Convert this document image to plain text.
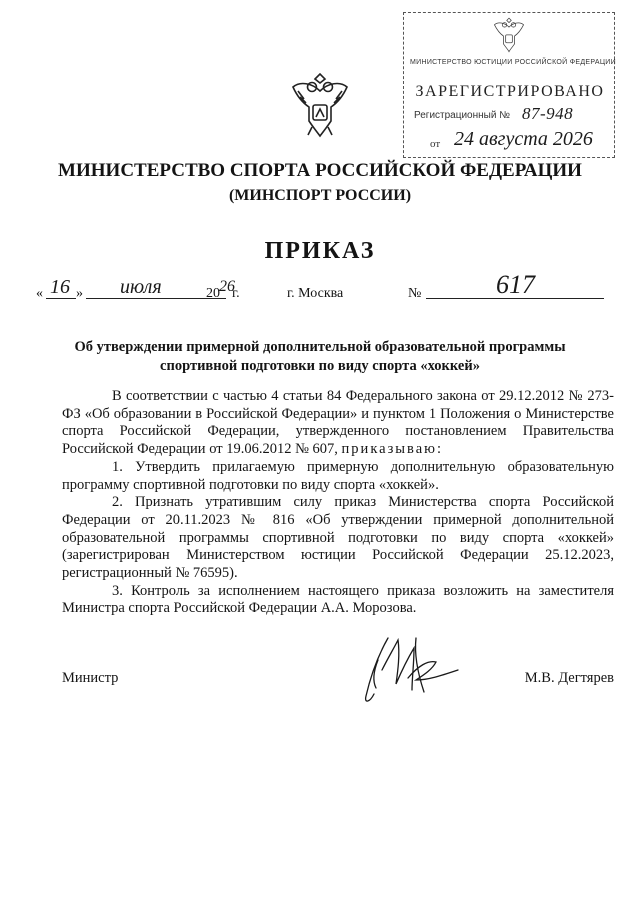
МИНИСТЕРСТВО ЮСТИЦИИ РОССИЙСКОЙ ФЕДЕРАЦИИ
ЗАРЕГИСТРИРОВАНО
Регистрационный № 87-948
от 24 августа 2026
МИНИСТЕРСТВО СПОРТА РОССИЙСКОЙ ФЕДЕРАЦИИ
(МИНСПОРТ РОССИИ)
ПРИКАЗ
« 16 » июля	20 26
г.	г. Москва	№	617
Об утверждении примерной дополнительной образовательной программы спортивной подготовки по виду спорта «хоккей»

В соответствии с частью 4 статьи 84 Федерального закона от 29.12.2012 № 273-ФЗ «Об образовании в Российской Федерации» и пунктом 1 Положения о Министерстве спорта Российской Федерации, утвержденного постановлением Правительства Российской Федерации от 19.06.2012 № 607, приказываю:

1. Утвердить прилагаемую примерную дополнительную образовательную программу спортивной подготовки по виду спорта «хоккей».

2. Признать утратившим силу приказ Министерства спорта Российской Федерации от 20.11.2023 № 816 «Об утверждении примерной дополнительной образовательной программы спортивной подготовки по виду спорта «хоккей» (зарегистрирован Министерством юстиции Российской Федерации 25.12.2023, регистрационный № 76595).

3. Контроль за исполнением настоящего приказа возложить на заместителя Министра спорта Российской Федерации А.А. Морозова.

Министр	М.В. Дегтярев
